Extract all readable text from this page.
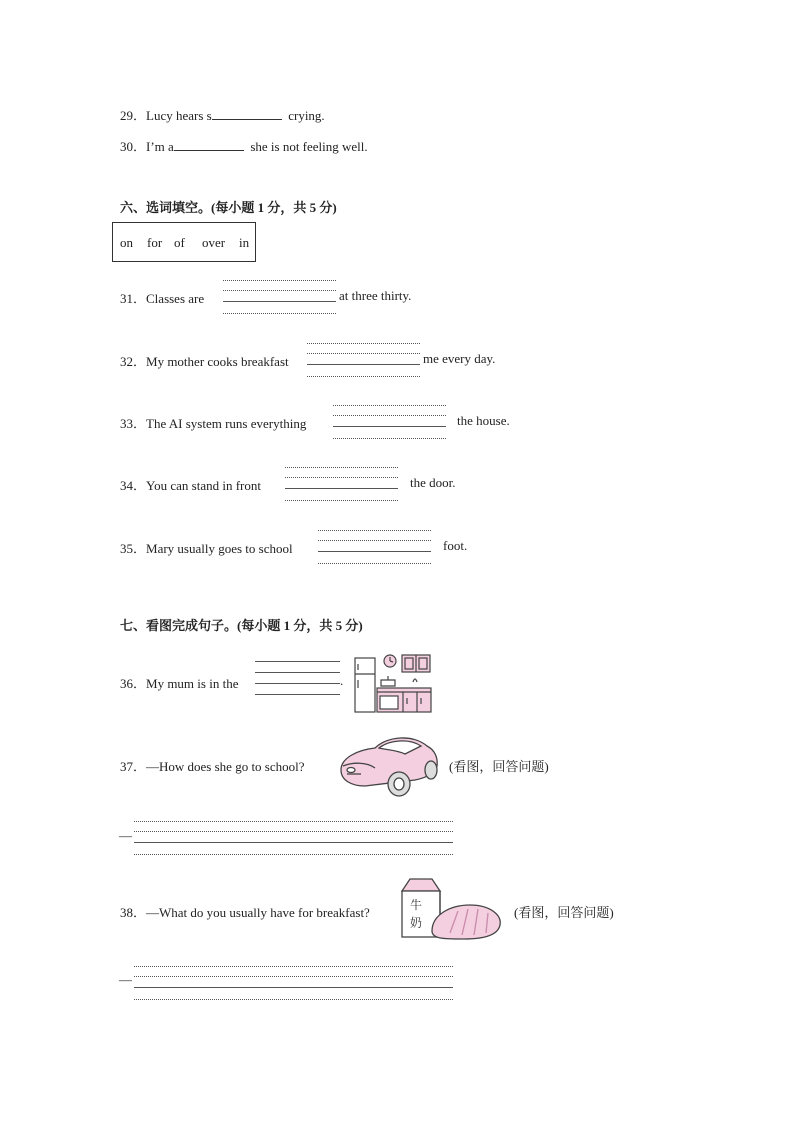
29．Lucy hears s	crying.
30．I’m a	she is not feeling well.
六、选词填空。(每小题 1 分，共 5 分)
on for of over in
31．Classes are	at three thirty.
32．My mother cooks breakfast	me every day.
33．The AI system runs everything	the house.
34．You can stand in front	the door.
35．Mary usually goes to school	foot.
七、看图完成句子。(每小题 1 分，共 5 分)
36．My mum is in the	.
37．—How does she go to school?	(看图，回答问题)
—
38．—What do you usually have for breakfast?	牛
奶
(看图，回答问题)
—
